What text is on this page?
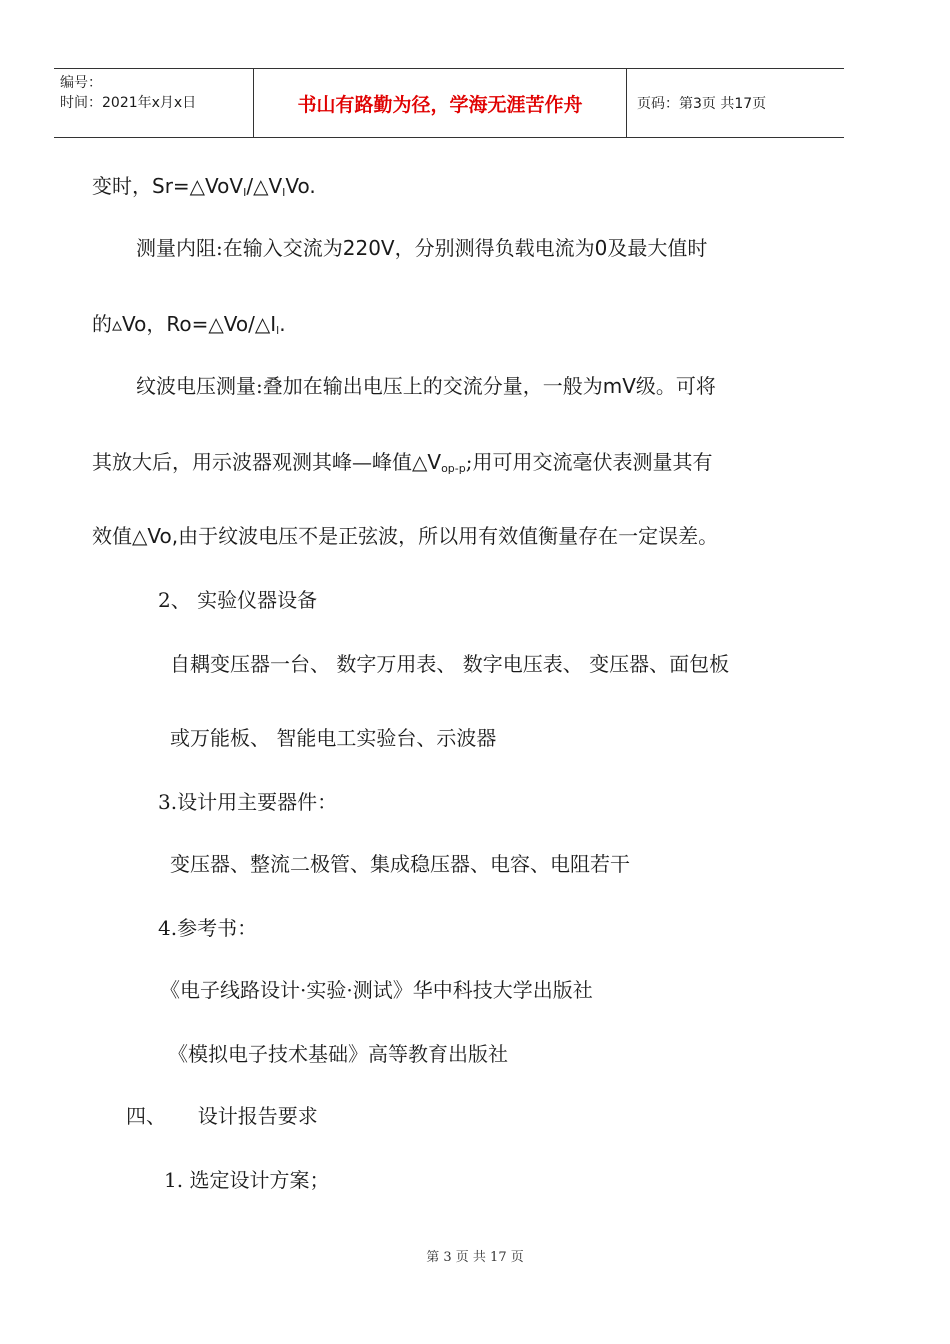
编号：
时间：2021年x月x日	书山有路勤为径，学海无涯苦作舟	页码：第3页 共17页
变时，$Sr=\triangle VoV_I/\triangle V_IVo$.
测量内阻:在输入交流为220V，分别测得负载电流为0及最大值时
的▵Vo，$Ro=\triangle Vo/\triangle I_l$.
纹波电压测量:叠加在输出电压上的交流分量，一般为mV级。可将
其放大后，用示波器观测其峰—峰值$\triangle V_{op-p}$;用可用交流毫伏表测量其有
效值△Vo,由于纹波电压不是正弦波，所以用有效值衡量存在一定误差。
2、 实验仪器设备
自耦变压器一台、 数字万用表、 数字电压表、 变压器、面包板
或万能板、 智能电工实验台、示波器
3.设计用主要器件：
变压器、整流二极管、集成稳压器、电容、电阻若干
4.参考书：
《电子线路设计·实验·测试》华中科技大学出版社
《模拟电子技术基础》高等教育出版社
四、     设计报告要求
1. 选定设计方案；
第 3 页 共 17 页
